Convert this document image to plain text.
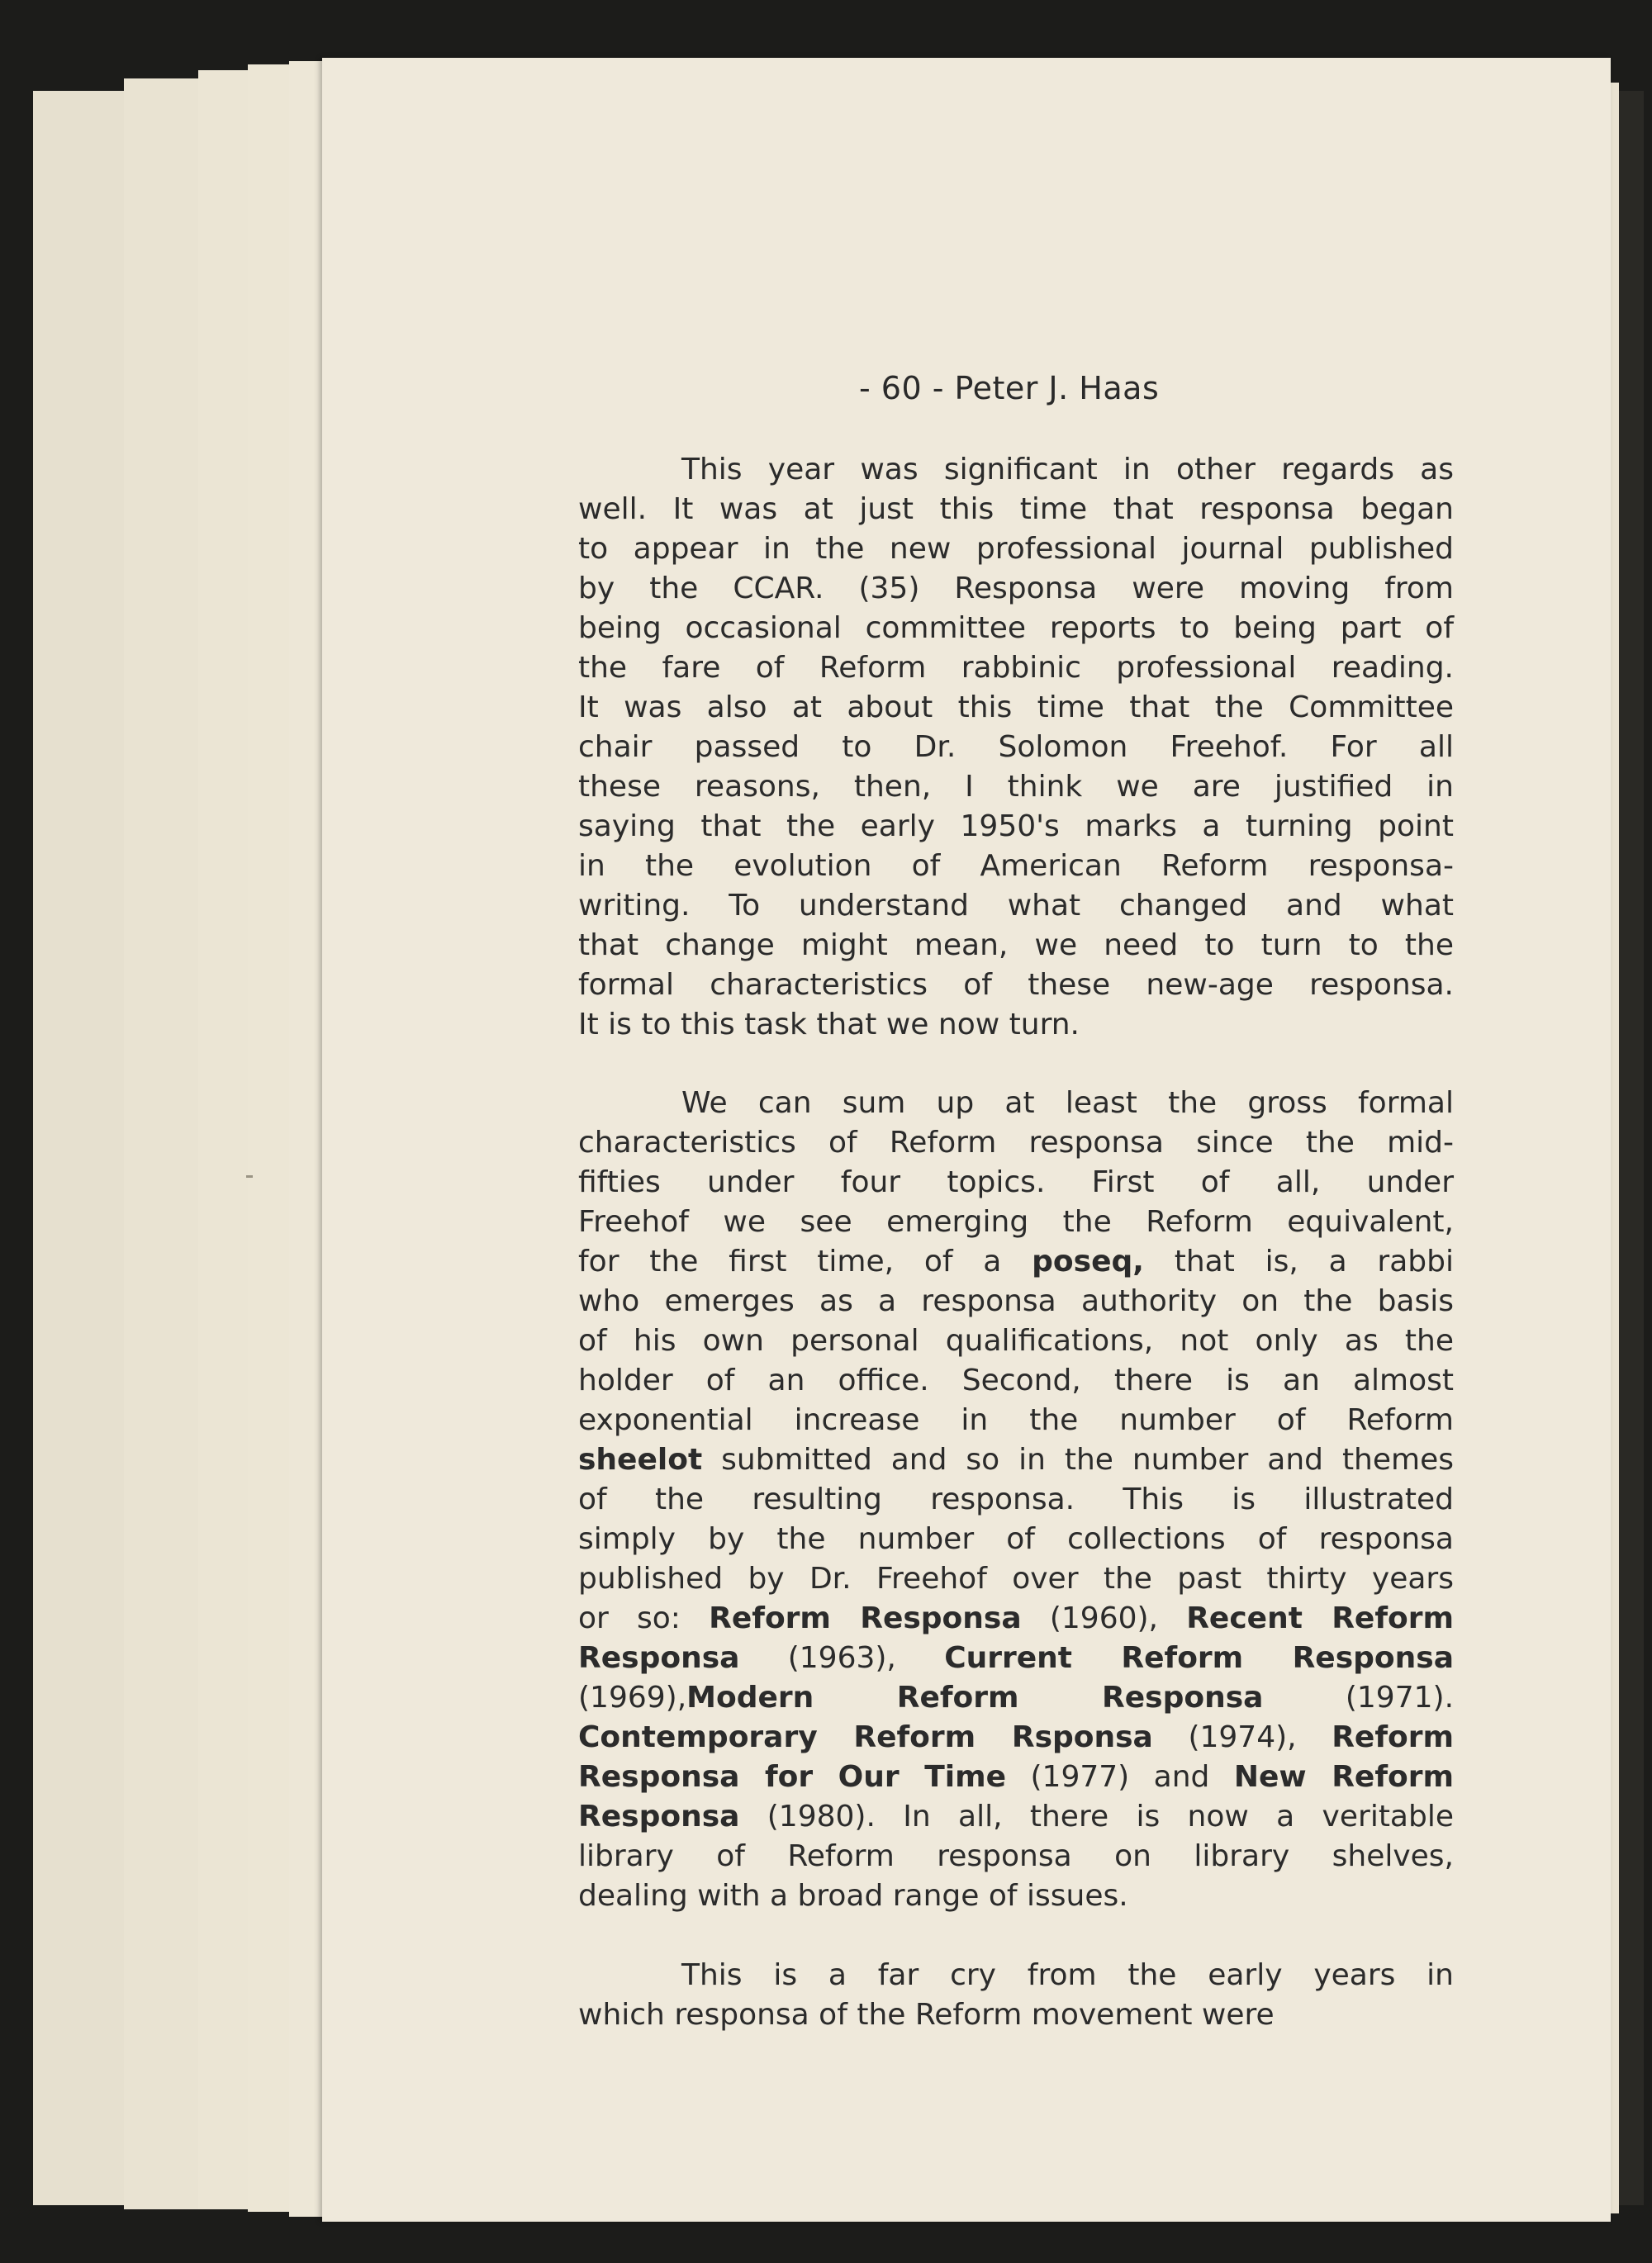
- 60 - Peter J. Haas
This year was significant in other regards as
well. It was at just this time that responsa began
to appear in the new professional journal published
by the CCAR. (35) Responsa were moving from
being occasional committee reports to being part of
the fare of Reform rabbinic professional reading.
It was also at about this time that the Committee
chair passed to Dr. Solomon Freehof. For all
these reasons, then, I think we are justified in
saying that the early 1950's marks a turning point
in the evolution of American Reform responsa-
writing. To understand what changed and what
that change might mean, we need to turn to the
formal characteristics of these new-age responsa.
It is to this task that we now turn.
We can sum up at least the gross formal
characteristics of Reform responsa since the mid-
fifties under four topics. First of all, under
Freehof we see emerging the Reform equivalent,
for the first time, of a poseq, that is, a rabbi
who emerges as a responsa authority on the basis
of his own personal qualifications, not only as the
holder of an office. Second, there is an almost
exponential increase in the number of Reform
sheelot submitted and so in the number and themes
of the resulting responsa. This is illustrated
simply by the number of collections of responsa
published by Dr. Freehof over the past thirty years
or so: Reform Responsa (1960), Recent Reform
Responsa (1963), Current Reform Responsa
(1969),Modern Reform Responsa (1971).
Contemporary Reform Rsponsa (1974), Reform
Responsa for Our Time (1977) and New Reform
Responsa (1980). In all, there is now a veritable
library of Reform responsa on library shelves,
dealing with a broad range of issues.
This is a far cry from the early years in
which responsa of the Reform movement were
